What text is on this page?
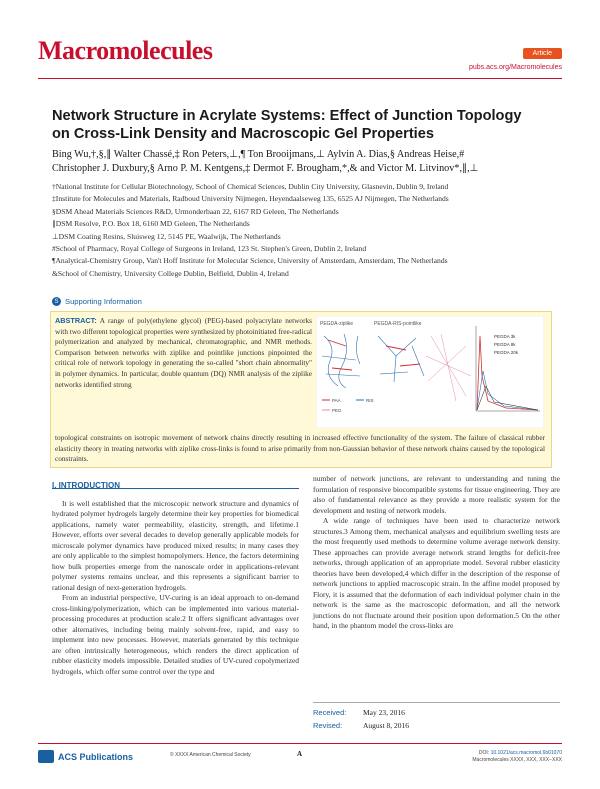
Macromolecules	Article
pubs.acs.org/Macromolecules
Network Structure in Acrylate Systems: Effect of Junction Topology
on Cross-Link Density and Macroscopic Gel Properties
Bing Wu,†,§,∥ Walter Chassé,‡ Ron Peters,⊥,¶ Ton Brooijmans,⊥ Aylvin A. Dias,§ Andreas Heise,#
Christopher J. Duxbury,§ Arno P. M. Kentgens,‡ Dermot F. Brougham,*,& and Victor M. Litvinov*,∥,⊥
†National Institute for Cellular Biotechnology, School of Chemical Sciences, Dublin City University, Glasnevin, Dublin 9, Ireland
‡Institute for Molecules and Materials, Radboud University Nijmegen, Heyendaalseweg 135, 6525 AJ Nijmegen, The Netherlands
§DSM Ahead Materials Sciences R&D, Urmonderbaan 22, 6167 RD Geleen, The Netherlands
∥DSM Resolve, P.O. Box 18, 6160 MD Geleen, The Netherlands
⊥DSM Coating Resins, Sluisweg 12, 5145 PE, Waalwijk, The Netherlands
#School of Pharmacy, Royal College of Surgeons in Ireland, 123 St. Stephen's Green, Dublin 2, Ireland
¶Analytical-Chemistry Group, Van't Hoff Institute for Molecular Science, University of Amsterdam, Amsterdam, The Netherlands
&School of Chemistry, University College Dublin, Belfield, Dublin 4, Ireland
S Supporting Information
ABSTRACT: A range of poly(ethylene glycol) (PEG)-based polyacrylate networks with two different topological properties were synthesized by photoinitiated free-radical polymerization and analyzed by mechanical, chromatographic, and NMR methods. Comparison between networks with ziplike and pointlike junctions pinpointed the critical role of network topology in generating the so-called "short chain abnormality" in polymer dynamics. In particular, double quantum (DQ) NMR analysis of the ziplike networks identified strong
PEGDA-ziplike	PEGDA-RIS-pointlike
PAA	RIS
PEG
PEGDA 3k
PEGDA 8k
PEGDA 20k
topological constraints on isotropic movement of network chains directly resulting in increased effective functionality of the system. The failure of classical rubber elasticity theory in treating networks with ziplike cross-links is found to arise primarily from non-Gaussian behavior of these network chains caused by the topological constraints.
I. INTRODUCTION

It is well established that the microscopic network structure and dynamics of hydrated polymer hydrogels largely determine their key properties for biomedical applications, namely water permeability, elasticity, strength, and lifetime.1 However, efforts over several decades to develop generally applicable models for microscale polymer dynamics have produced mixed results; in many cases they are only applicable to the simplest homopolymers. Hence, the factors determining how bulk properties emerge from the nanoscale order in applications-relevant polymer systems remains unclear, and this represents a significant barrier to rational design of next-generation hydrogels.

From an industrial perspective, UV-curing is an ideal approach to on-demand cross-linking/polymerization, which can be implemented into various material-processing procedures at production scale.2 It offers significant advantages over other alternatives, including being mainly solvent-free, rapid, and easy to implement into new processes. However, materials generated by this technique are often intrinsically heterogeneous, which renders the direct application of rubber elasticity models impossible. Detailed studies of UV-cured copolymerized hydrogels, which offer some control over the type and

number of network junctions, are relevant to understanding and tuning the formulation of responsive biocompatible systems for tissue engineering. They are also of fundamental relevance as they provide a more realistic system for the development and testing of network models.

A wide range of techniques have been used to characterize network structures.3 Among them, mechanical analyses and equilibrium swelling tests are the most frequently used methods to determine volume average network density. These approaches can provide average network strand lengths for deficit-free networks, through application of an appropriate model. Several rubber elasticity theories have been developed,4 which differ in the description of the response of network junctions to applied macroscopic strain. In the affine model proposed by Flory, it is assumed that the deformation of each individual polymer chain in the network is the same as the macroscopic deformation, and all the network junctions do not fluctuate around their position upon deformation.5 On the other hand, in the phantom model the cross-links are

Received: May 23, 2016
Revised:	August 8, 2016
ACS Publications	© XXXX American Chemical Society	A	DOI: 10.1021/acs.macromol.6b01070
Macromolecules XXXX, XXX, XXX−XXX
